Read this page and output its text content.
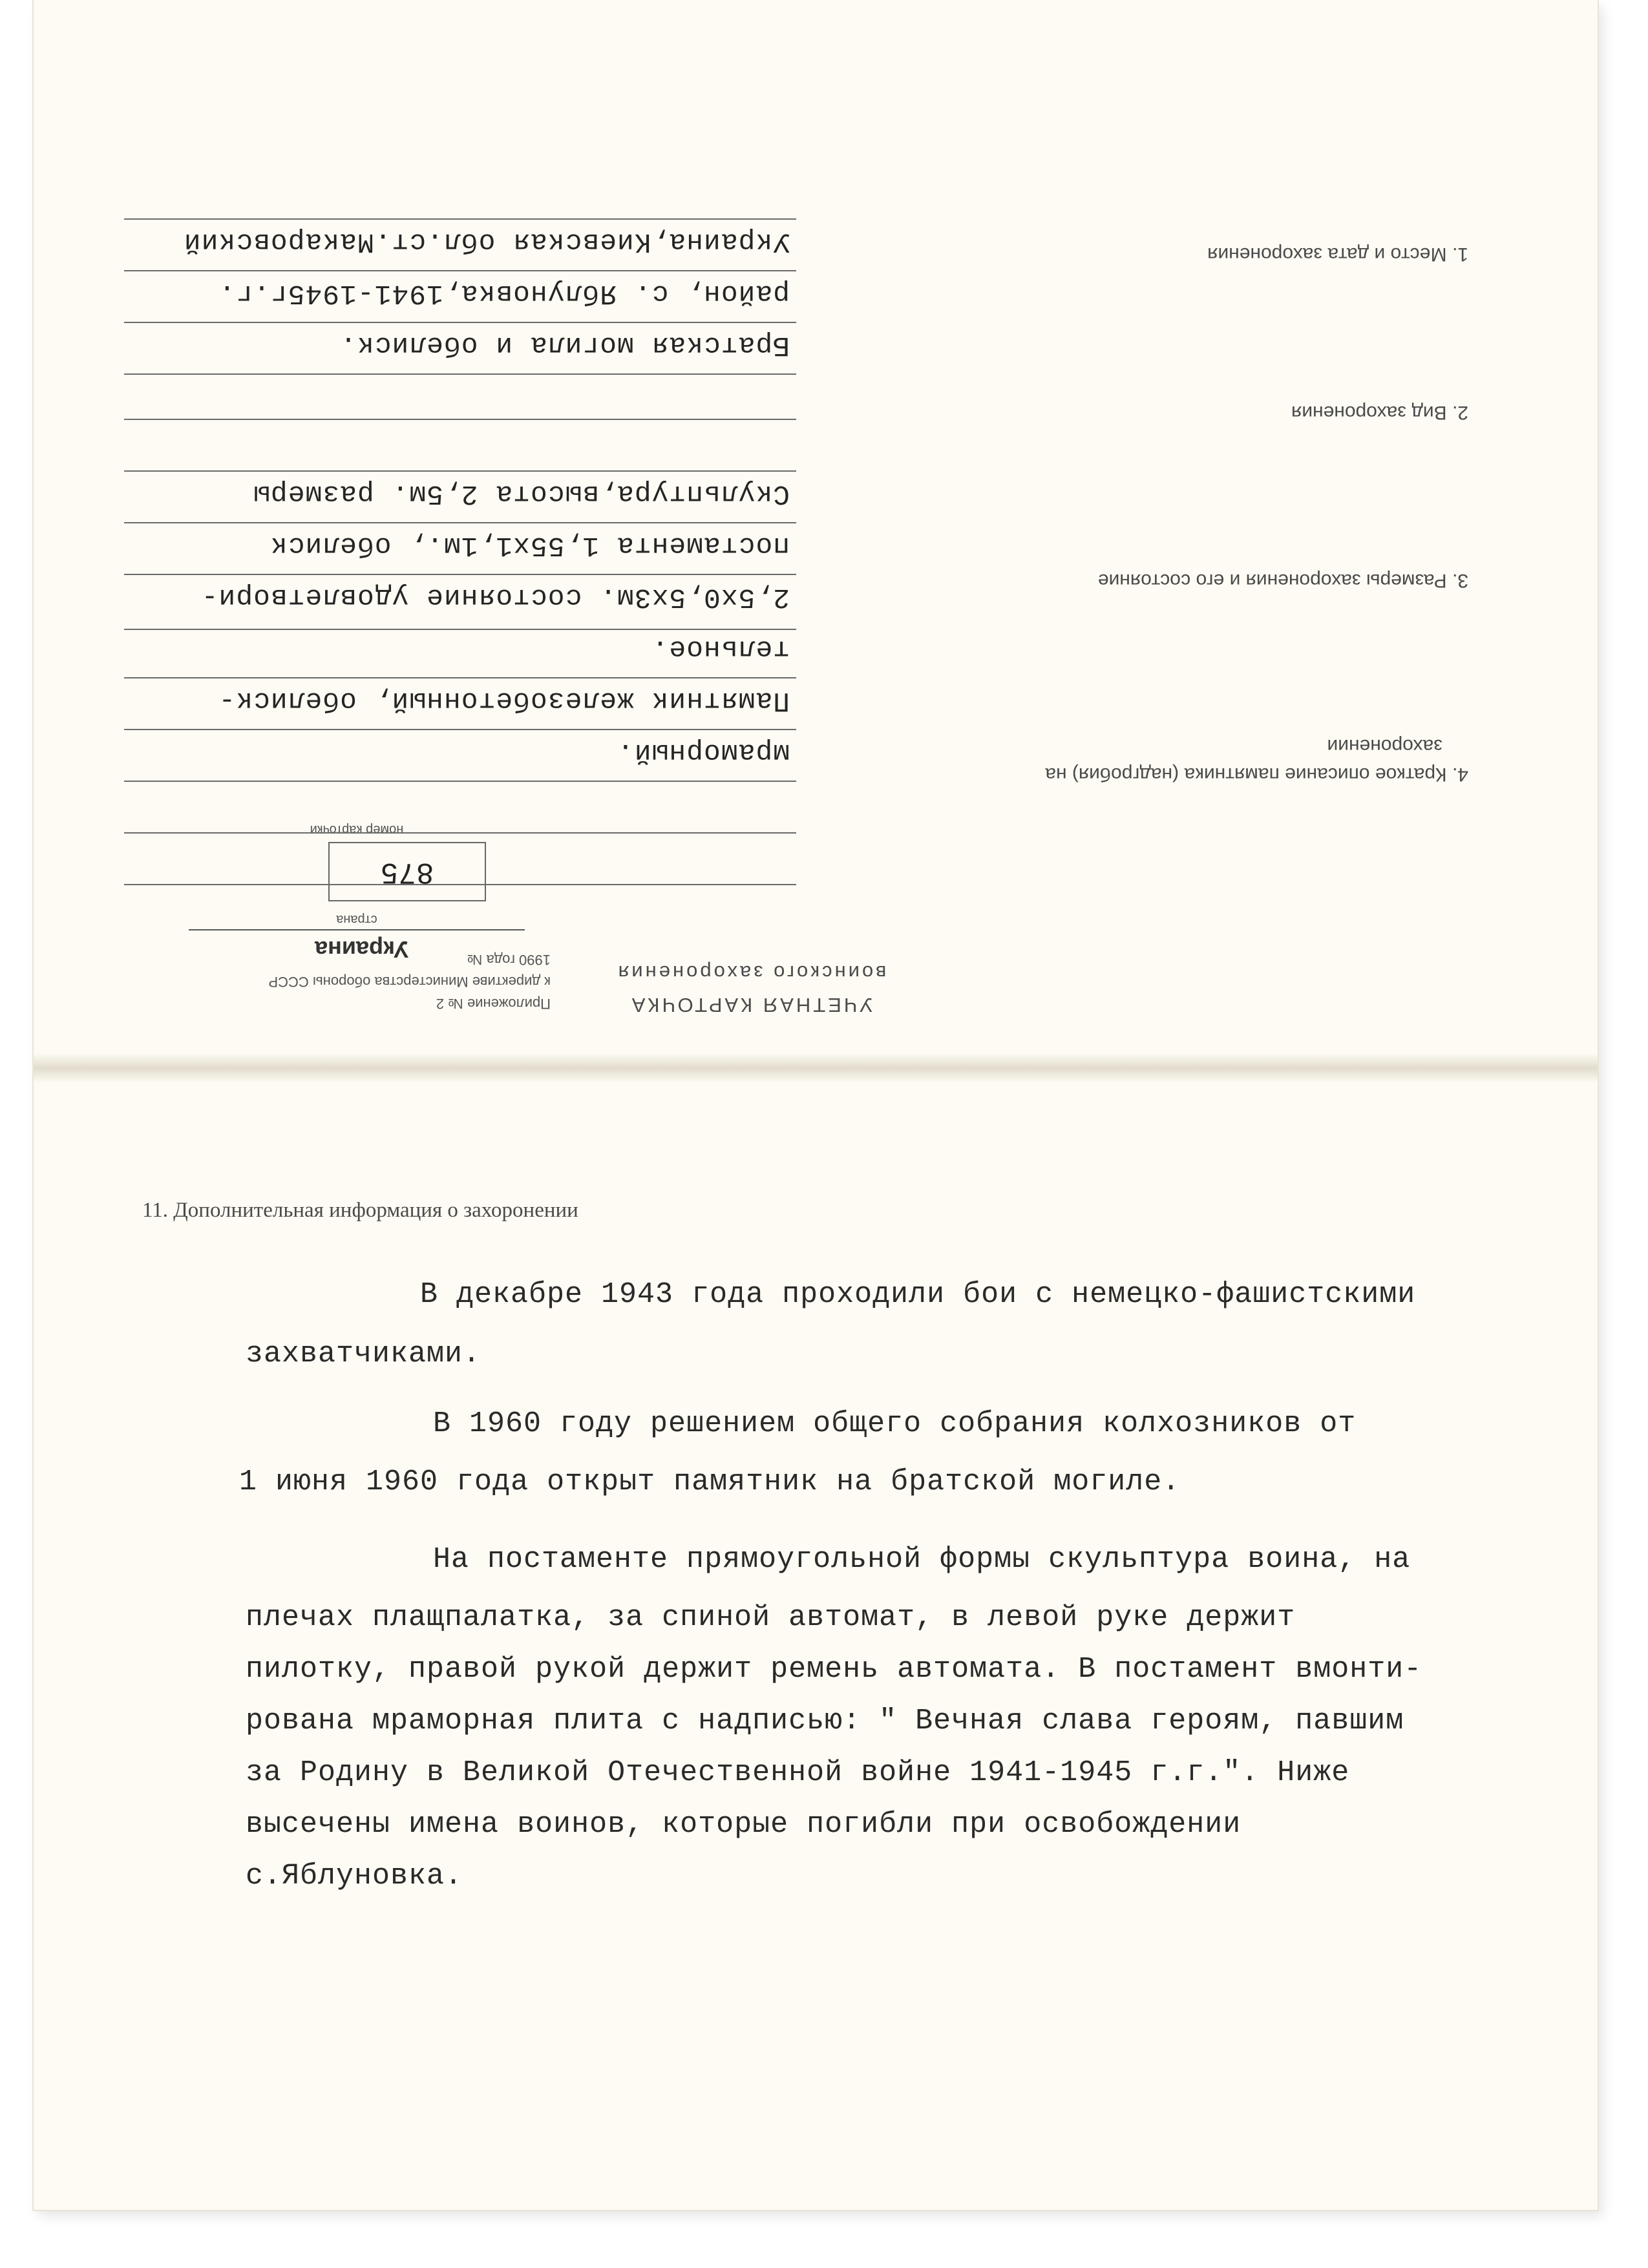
УЧЕТНАЯ КАРТОЧКА
воинского захоронения
Приложение № 2
к директиве Министерства обороны СССР
1990 года №
Украина
страна
875
номер карточки
1. Место и дата захоронения
2. Вид захоронения
3. Размеры захоронения и его состояние
4. Краткое описание памятника (надгробия) на
захоронении
Украина,Киевская обл.ст.Макаровский
район, с. Яблуновка,1941-1945г.г.
Братская могила и обелиск.
Скульптура,высота 2,5м. размеры
постамента 1,55х1,1м., обелиск
2,5х0,5х3м. состояние удовлетвори-
тельное.
Памятник железобетонный, обелиск-
мраморный.
11. Дополнительная информация о захоронении
В декабре 1943 года проходили бои с немецко-фашистскими
захватчиками.
В 1960 году решением общего собрания колхозников от
1 июня 1960 года открыт памятник на братской могиле.
На постаменте прямоугольной формы скульптура воина, на
плечах плащпалатка, за спиной автомат, в левой руке держит
пилотку, правой рукой держит ремень автомата. В постамент вмонти-
рована мраморная плита с надписью: " Вечная слава героям, павшим
за Родину в Великой Отечественной войне 1941-1945 г.г.". Ниже
высечены имена воинов, которые погибли при освобождении
с.Яблуновка.
